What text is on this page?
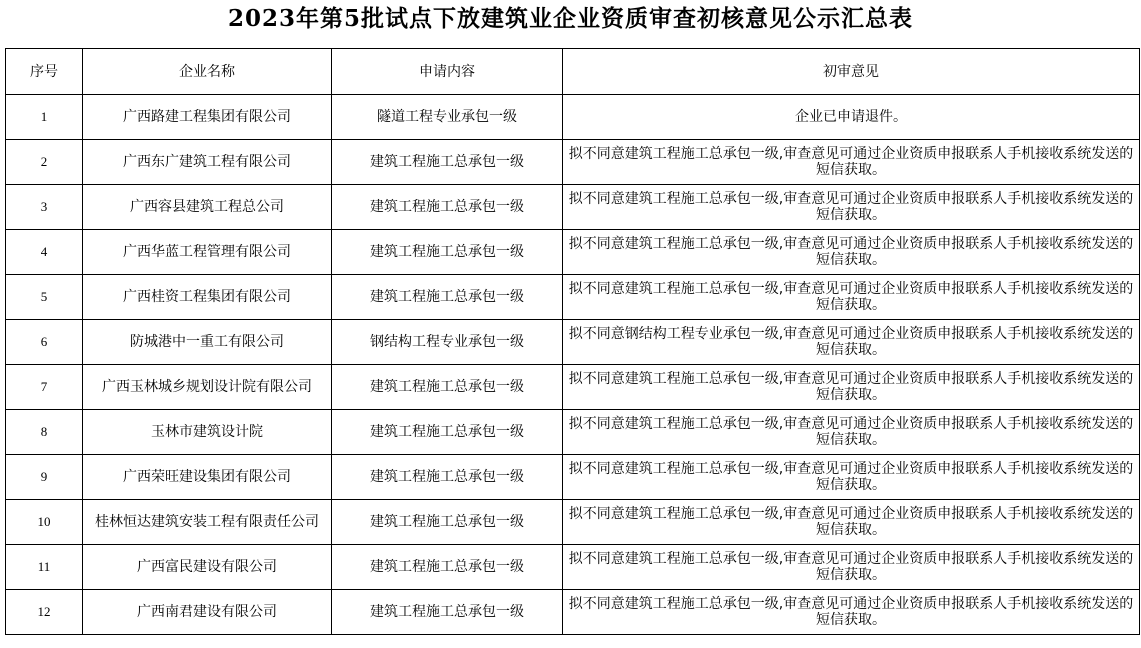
2023年第5批试点下放建筑业企业资质审查初核意见公示汇总表
序号	企业名称	申请内容	初审意见
1	广西路建工程集团有限公司	隧道工程专业承包一级	企业已申请退件。
2	广西东广建筑工程有限公司	建筑工程施工总承包一级	拟不同意建筑工程施工总承包一级,审查意见可通过企业资质申报联系人手机接收系统发送的短信获取。
3	广西容县建筑工程总公司	建筑工程施工总承包一级	拟不同意建筑工程施工总承包一级,审查意见可通过企业资质申报联系人手机接收系统发送的短信获取。
4	广西华蓝工程管理有限公司	建筑工程施工总承包一级	拟不同意建筑工程施工总承包一级,审查意见可通过企业资质申报联系人手机接收系统发送的短信获取。
5	广西桂资工程集团有限公司	建筑工程施工总承包一级	拟不同意建筑工程施工总承包一级,审查意见可通过企业资质申报联系人手机接收系统发送的短信获取。
6	防城港中一重工有限公司	钢结构工程专业承包一级	拟不同意钢结构工程专业承包一级,审查意见可通过企业资质申报联系人手机接收系统发送的短信获取。
7	广西玉林城乡规划设计院有限公司	建筑工程施工总承包一级	拟不同意建筑工程施工总承包一级,审查意见可通过企业资质申报联系人手机接收系统发送的短信获取。
8	玉林市建筑设计院	建筑工程施工总承包一级	拟不同意建筑工程施工总承包一级,审查意见可通过企业资质申报联系人手机接收系统发送的短信获取。
9	广西荣旺建设集团有限公司	建筑工程施工总承包一级	拟不同意建筑工程施工总承包一级,审查意见可通过企业资质申报联系人手机接收系统发送的短信获取。
10	桂林恒达建筑安装工程有限责任公司	建筑工程施工总承包一级	拟不同意建筑工程施工总承包一级,审查意见可通过企业资质申报联系人手机接收系统发送的短信获取。
11	广西富民建设有限公司	建筑工程施工总承包一级	拟不同意建筑工程施工总承包一级,审查意见可通过企业资质申报联系人手机接收系统发送的短信获取。
12	广西南君建设有限公司	建筑工程施工总承包一级	拟不同意建筑工程施工总承包一级,审查意见可通过企业资质申报联系人手机接收系统发送的短信获取。
